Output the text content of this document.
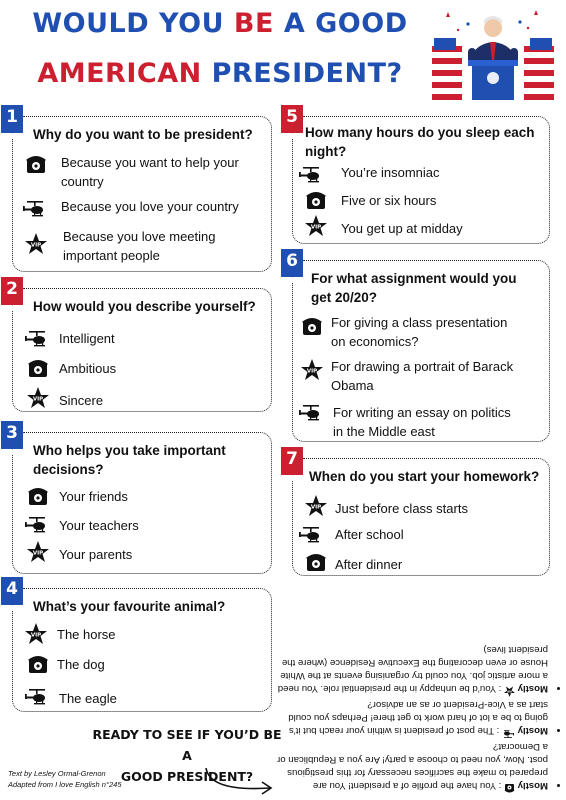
WOULD YOU BE A GOOD
AMERICAN PRESIDENT?
1
Why do you want to be president?
Because you want to help your
country
Because you love your country
Because you love meeting
important people
2
How would you describe yourself?
Intelligent
Ambitious
Sincere
3
Who helps you take important
decisions?
Your friends
Your teachers
Your parents
4
What’s your favourite animal?
The horse
The dog
The eagle
5
How many hours do you sleep each
night?
You’re insomniac
Five or six hours
You get up at midday
6
For what assignment would you
get 20/20?
For giving a class presentation
on economics?
For drawing a portrait of Barack
Obama
For writing an essay on politics
in the Middle east
7
When do you start your homework?
Just before class starts
After school
After dinner
• Mostly  : You have the profile of a president! You are prepared to make the sacrifices necessary for this prestigious post. Now, you need to choose a party! Are you a Republican or a Democrat?
• Mostly  : The post of president is within your reach but it’s going to be a lot of hard work to get there! Perhaps you could start as a Vice-President or as an advisor?
• Mostly  : You’d be unhappy in the presidential role. You need a more artistic job. You could try organising events at the White House or even decorating the Executive Residence (where the president lives)
READY TO SEE IF YOU’D BE A
GOOD PRESIDENT?
Text by Lesley Ormal-Grenon
Adapted from I love English n°245
